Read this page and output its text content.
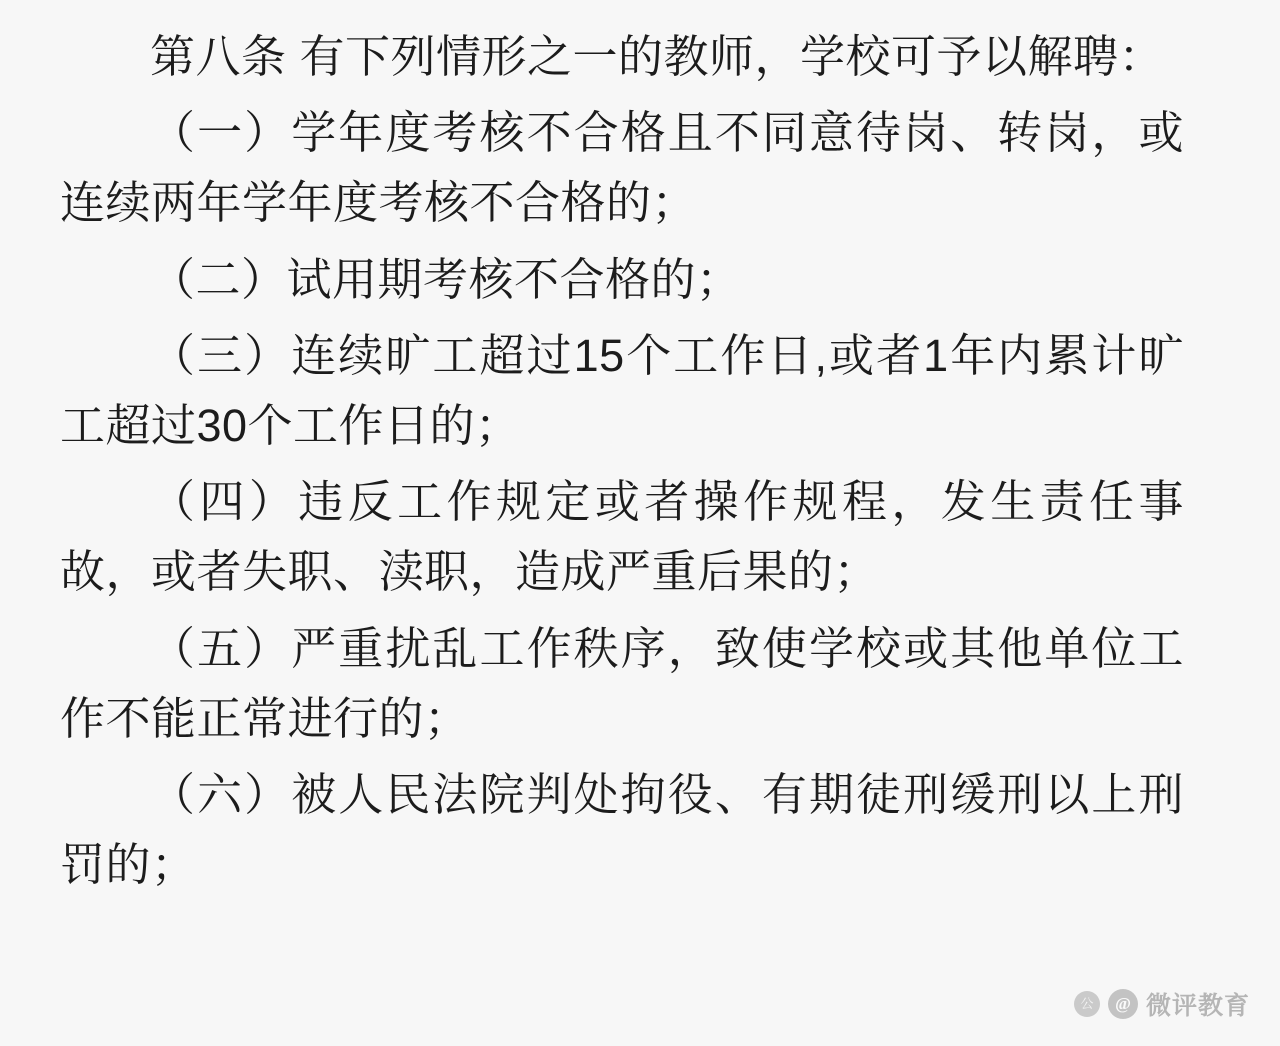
第八条 有下列情形之一的教师，学校可予以解聘：

（一）学年度考核不合格且不同意待岗、转岗，或连续两年学年度考核不合格的；

（二）试用期考核不合格的；

（三）连续旷工超过15个工作日,或者1年内累计旷工超过30个工作日的；

（四）违反工作规定或者操作规程，发生责任事故，或者失职、渎职，造成严重后果的；

（五）严重扰乱工作秩序，致使学校或其他单位工作不能正常进行的；

（六）被人民法院判处拘役、有期徒刑缓刑以上刑罚的；

公	@ 微评教育
